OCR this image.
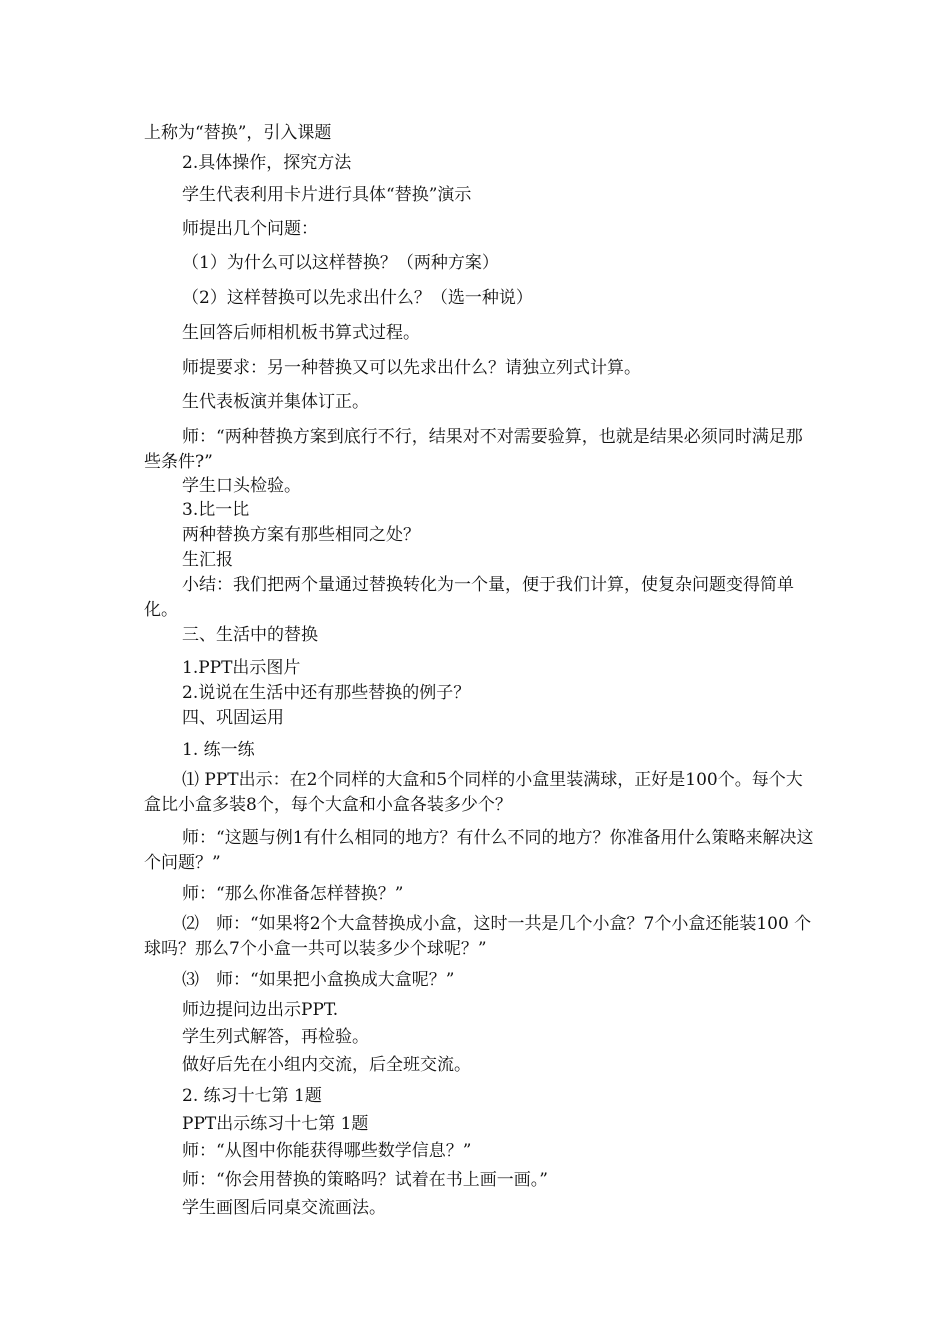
上称为“替换”，引入课题

2.具体操作，探究方法

学生代表利用卡片进行具体“替换”演示

师提出几个问题：

（1）为什么可以这样替换？（两种方案）

（2）这样替换可以先求出什么？（选一种说）

生回答后师相机板书算式过程。

师提要求：另一种替换又可以先求出什么？请独立列式计算。

生代表板演并集体订正。

师：“两种替换方案到底行不行，结果对不对需要验算，也就是结果必须同时满足那些条件?”

学生口头检验。

3.比一比

两种替换方案有那些相同之处？

生汇报

小结：我们把两个量通过替换转化为一个量，便于我们计算，使复杂问题变得简单化。

三、生活中的替换

1.PPT出示图片

2.说说在生活中还有那些替换的例子？

四、巩固运用

1. 练一练

⑴ PPT出示：在2个同样的大盒和5个同样的小盒里装满球，正好是100个。每个大盒比小盒多装8个，每个大盒和小盒各装多少个？

师：“这题与例1有什么相同的地方？有什么不同的地方？你准备用什么策略来解决这个问题？”

师：“那么你准备怎样替换？”

⑵　师：“如果将2个大盒替换成小盒，这时一共是几个小盒？7个小盒还能装100 个球吗？那么7个小盒一共可以装多少个球呢？”

⑶　师：“如果把小盒换成大盒呢？”

师边提问边出示PPT.

学生列式解答，再检验。

做好后先在小组内交流，后全班交流。

2. 练习十七第 1题

PPT出示练习十七第 1题

师：“从图中你能获得哪些数学信息？”

师：“你会用替换的策略吗？试着在书上画一画。”

学生画图后同桌交流画法。
